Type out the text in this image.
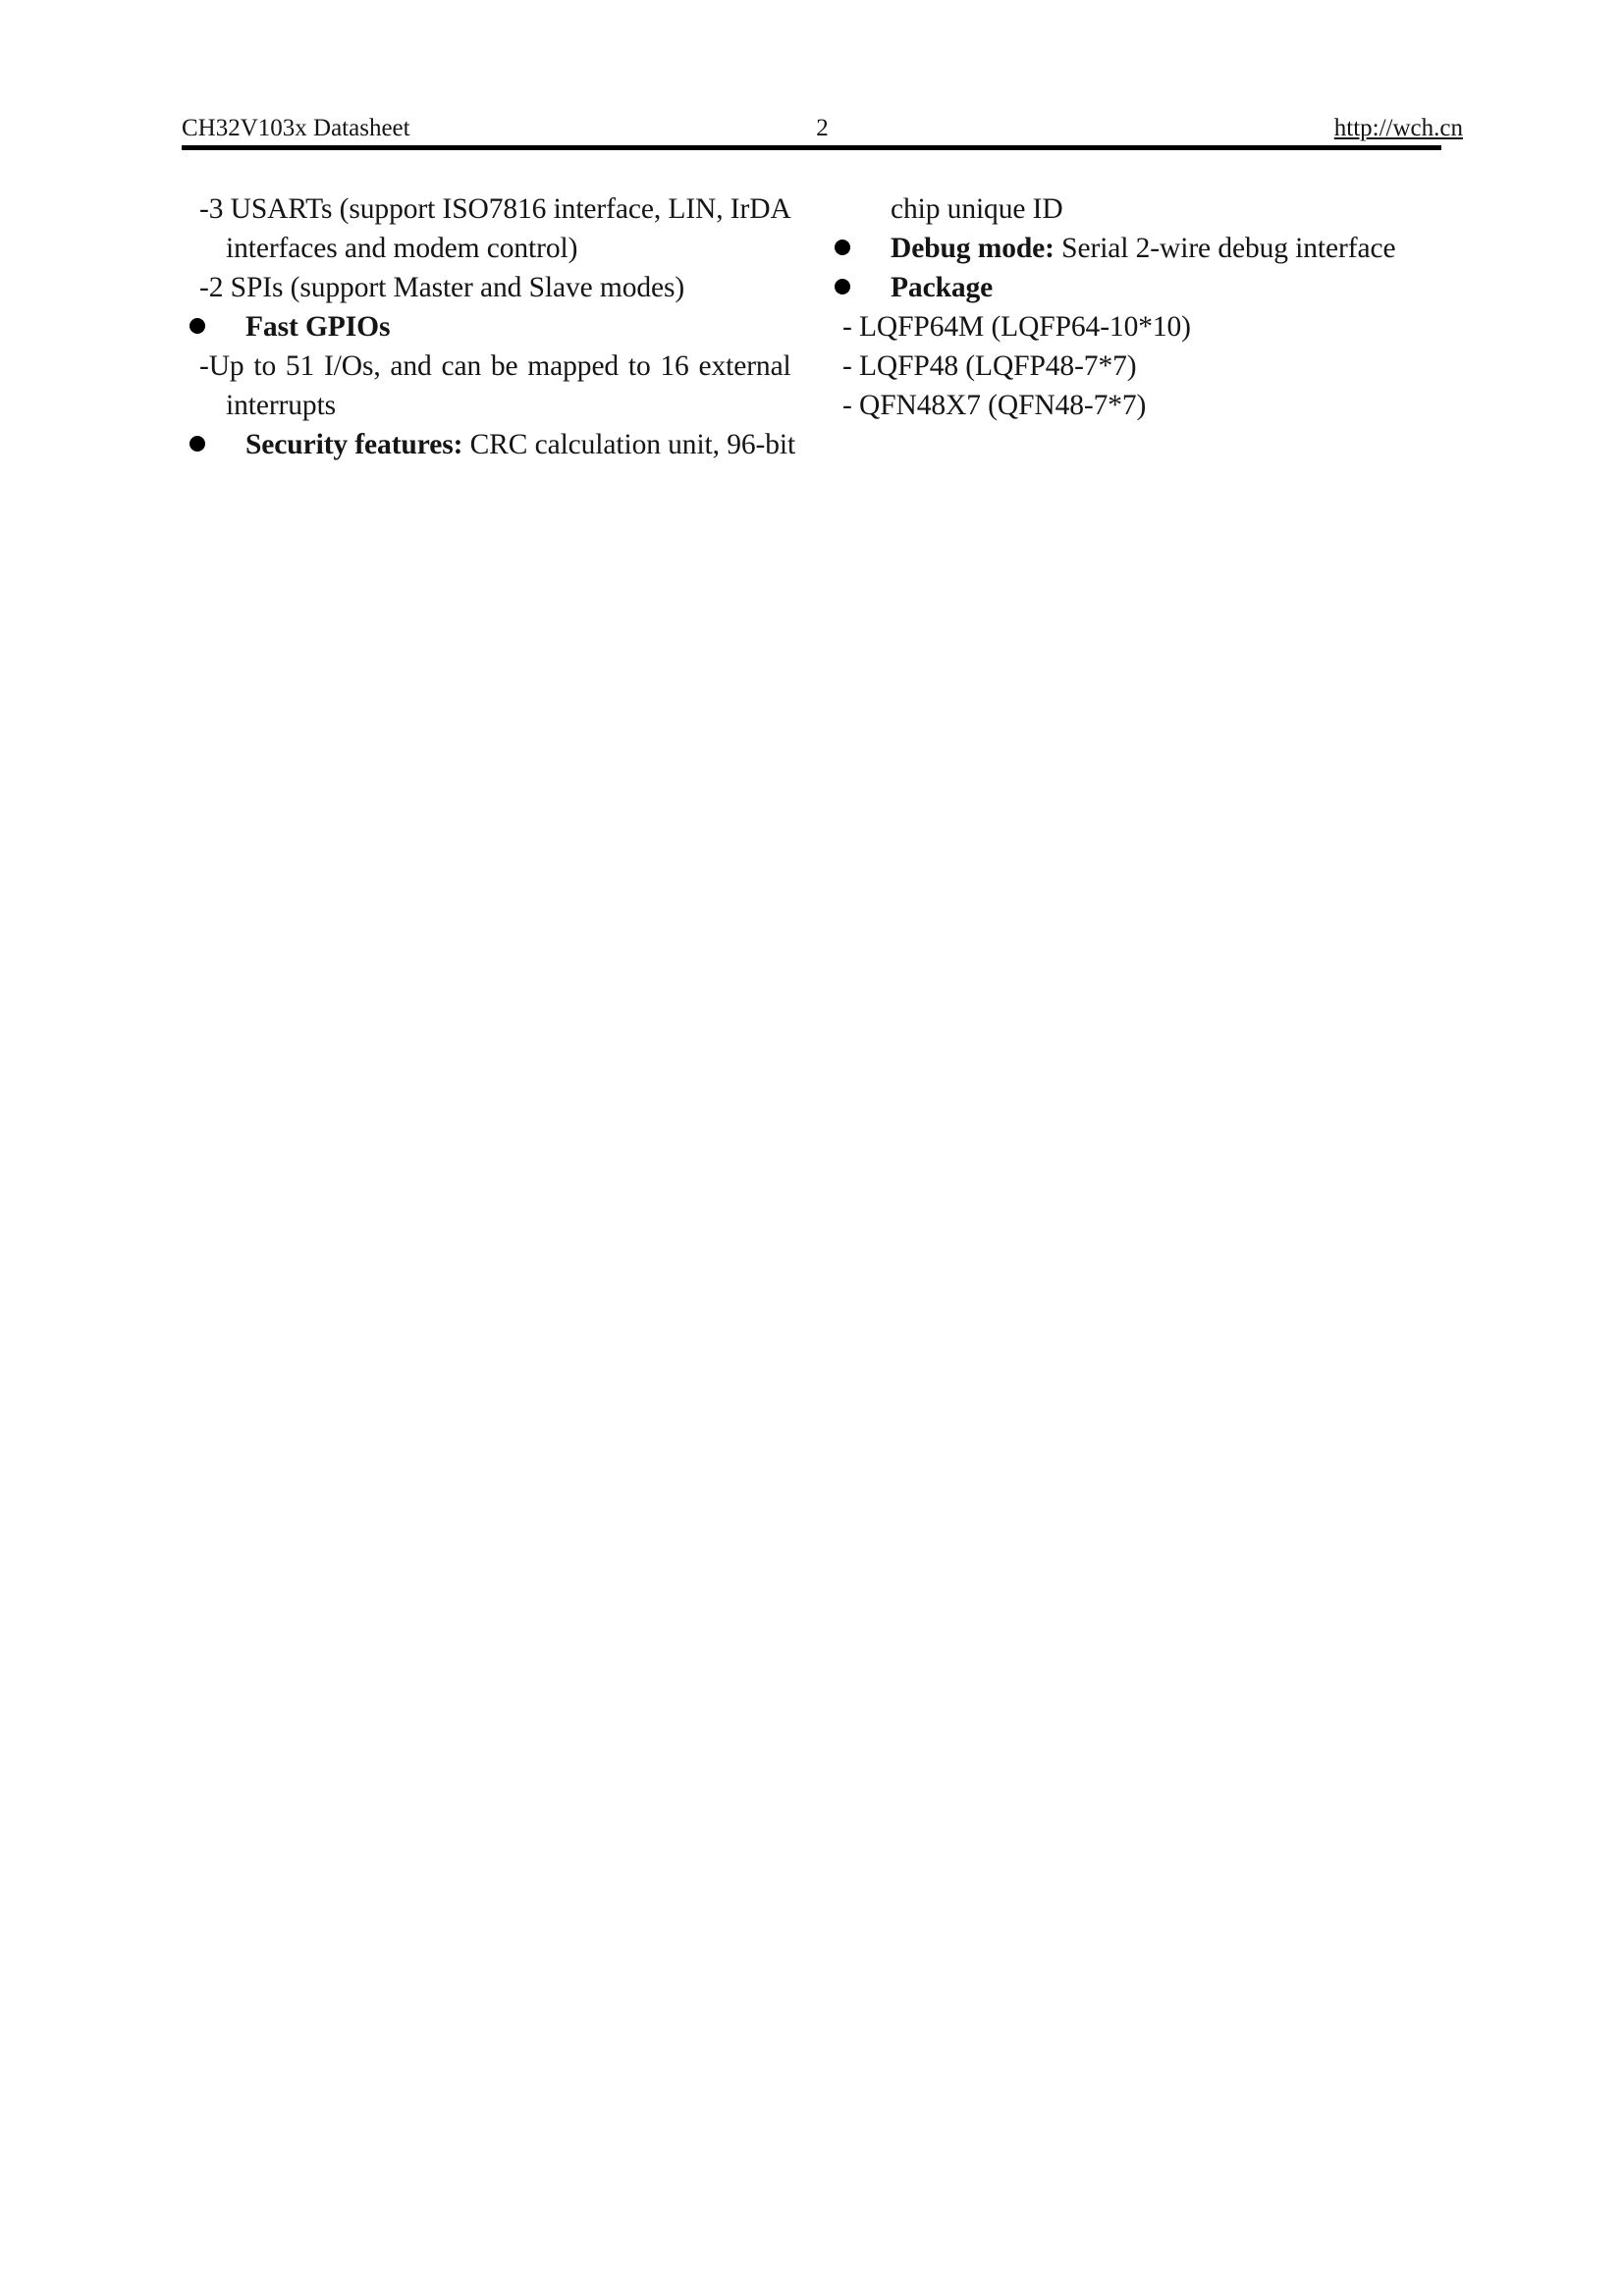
CH32V103x Datasheet	2	http://wch.cn
-3 USARTs (support ISO7816 interface, LIN, IrDA
interfaces and modem control)
-2 SPIs (support Master and Slave modes)
Fast GPIOs
-Up to 51 I/Os, and can be mapped to 16 external
interrupts
Security features: CRC calculation unit, 96-bit
chip unique ID
Debug mode: Serial 2-wire debug interface
Package
- LQFP64M (LQFP64-10*10)
- LQFP48 (LQFP48-7*7)
- QFN48X7 (QFN48-7*7)
